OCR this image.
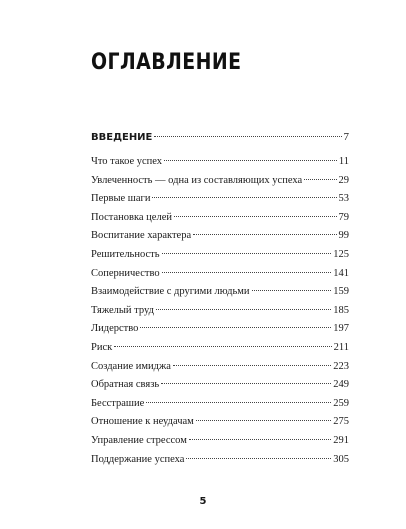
ОГЛАВЛЕНИЕ
ВВЕДЕНИЕ	7
Что такое успех	11
Увлеченность — одна из составляющих успеха	29
Первые шаги	53
Постановка целей	79
Воспитание характера	99
Решительность	125
Соперничество	141
Взаимодействие с другими людьми	159
Тяжелый труд	185
Лидерство	197
Риск	211
Создание имиджа	223
Обратная связь	249
Бесстрашие	259
Отношение к неудачам	275
Управление стрессом	291
Поддержание успеха	305
5
